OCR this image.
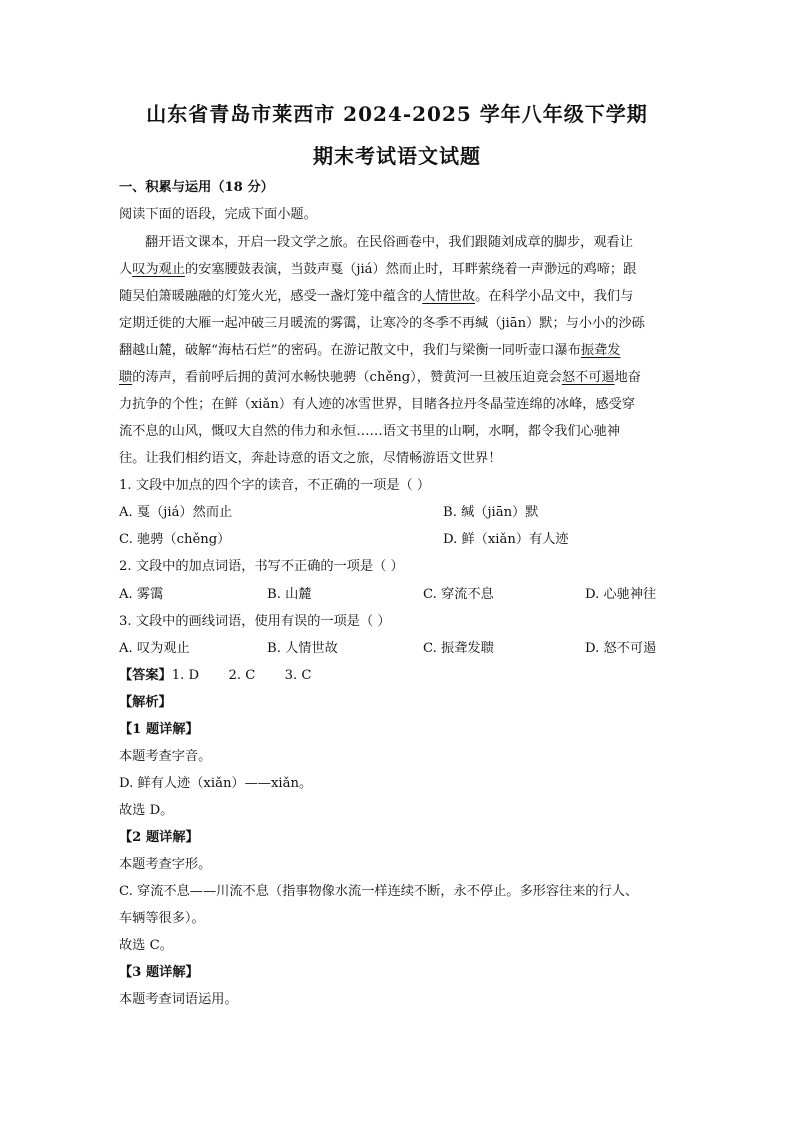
山东省青岛市莱西市 2024-2025 学年八年级下学期
期末考试语文试题
一、积累与运用（18 分）
阅读下面的语段，完成下面小题。
翻开语文课本，开启一段文学之旅。在民俗画卷中，我们跟随刘成章的脚步，观看让
人叹为观止的安塞腰鼓表演，当鼓声戛（jiá）然而止时，耳畔萦绕着一声渺远的鸡啼；跟
随吴伯箫暖融融的灯笼火光，感受一盏灯笼中蕴含的人情世故。在科学小品文中，我们与
定期迁徙的大雁一起冲破三月暖流的雾霭，让寒冷的冬季不再缄（jiān）默；与小小的沙砾
翻越山麓，破解“海枯石烂”的密码。在游记散文中，我们与梁衡一同听壶口瀑布振聋发
聩的涛声，看前呼后拥的黄河水畅快驰骋（chěng），赞黄河一旦被压迫竟会怒不可遏地奋
力抗争的个性；在鲜（xiǎn）有人迹的冰雪世界，目睹各拉丹冬晶莹连绵的冰峰，感受穿
流不息的山风，慨叹大自然的伟力和永恒……语文书里的山啊，水啊，都令我们心驰神
往。让我们相约语文，奔赴诗意的语文之旅，尽情畅游语文世界！
1. 文段中加点的四个字的读音，不正确的一项是（ ）
A. 戛（jiá）然而止	B. 缄（jiān）默
C. 驰骋（chěng）	D. 鲜（xiǎn）有人迹
2. 文段中的加点词语，书写不正确的一项是（ ）
A. 雾霭	B. 山麓	C. 穿流不息	D. 心驰神往
3. 文段中的画线词语，使用有误的一项是（ ）
A. 叹为观止	B. 人情世故	C. 振聋发聩	D. 怒不可遏
【答案】1. D       2. C       3. C
【解析】
【1 题详解】
本题考查字音。
D. 鲜有人迹（xiǎn）——xiǎn。
故选 D。
【2 题详解】
本题考查字形。
C. 穿流不息——川流不息（指事物像水流一样连续不断，永不停止。多形容往来的行人、
车辆等很多）。
故选 C。
【3 题详解】
本题考查词语运用。
